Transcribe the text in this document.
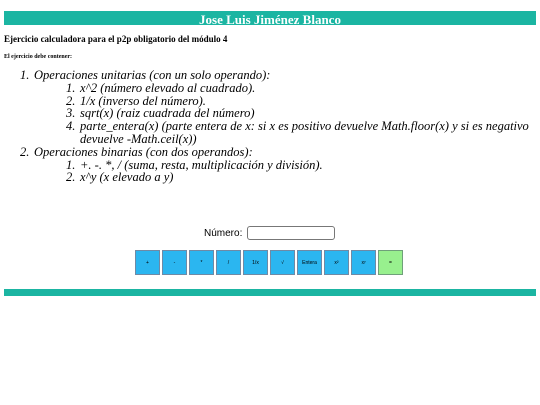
Jose Luis Jiménez Blanco
Ejercicio calculadora para el p2p obligatorio del módulo 4
El ejercicio debe contener:
1. Operaciones unitarias (con un solo operando):
1. x^2 (número elevado al cuadrado).
2. 1/x (inverso del número).
3. sqrt(x) (raiz cuadrada del número)
4. parte_entera(x) (parte entera de x: si x es positivo devuelve Math.floor(x) y si es negativo devuelve -Math.ceil(x))
2. Operaciones binarias (con dos operandos):
1. +. -. *, / (suma, resta, multiplicación y división).
2. x^y (x elevado a y)
Número:
+	-	*	/	1/x	√	Entera	x²	xʸ	=
@2016 Jose Luis Jiménez
